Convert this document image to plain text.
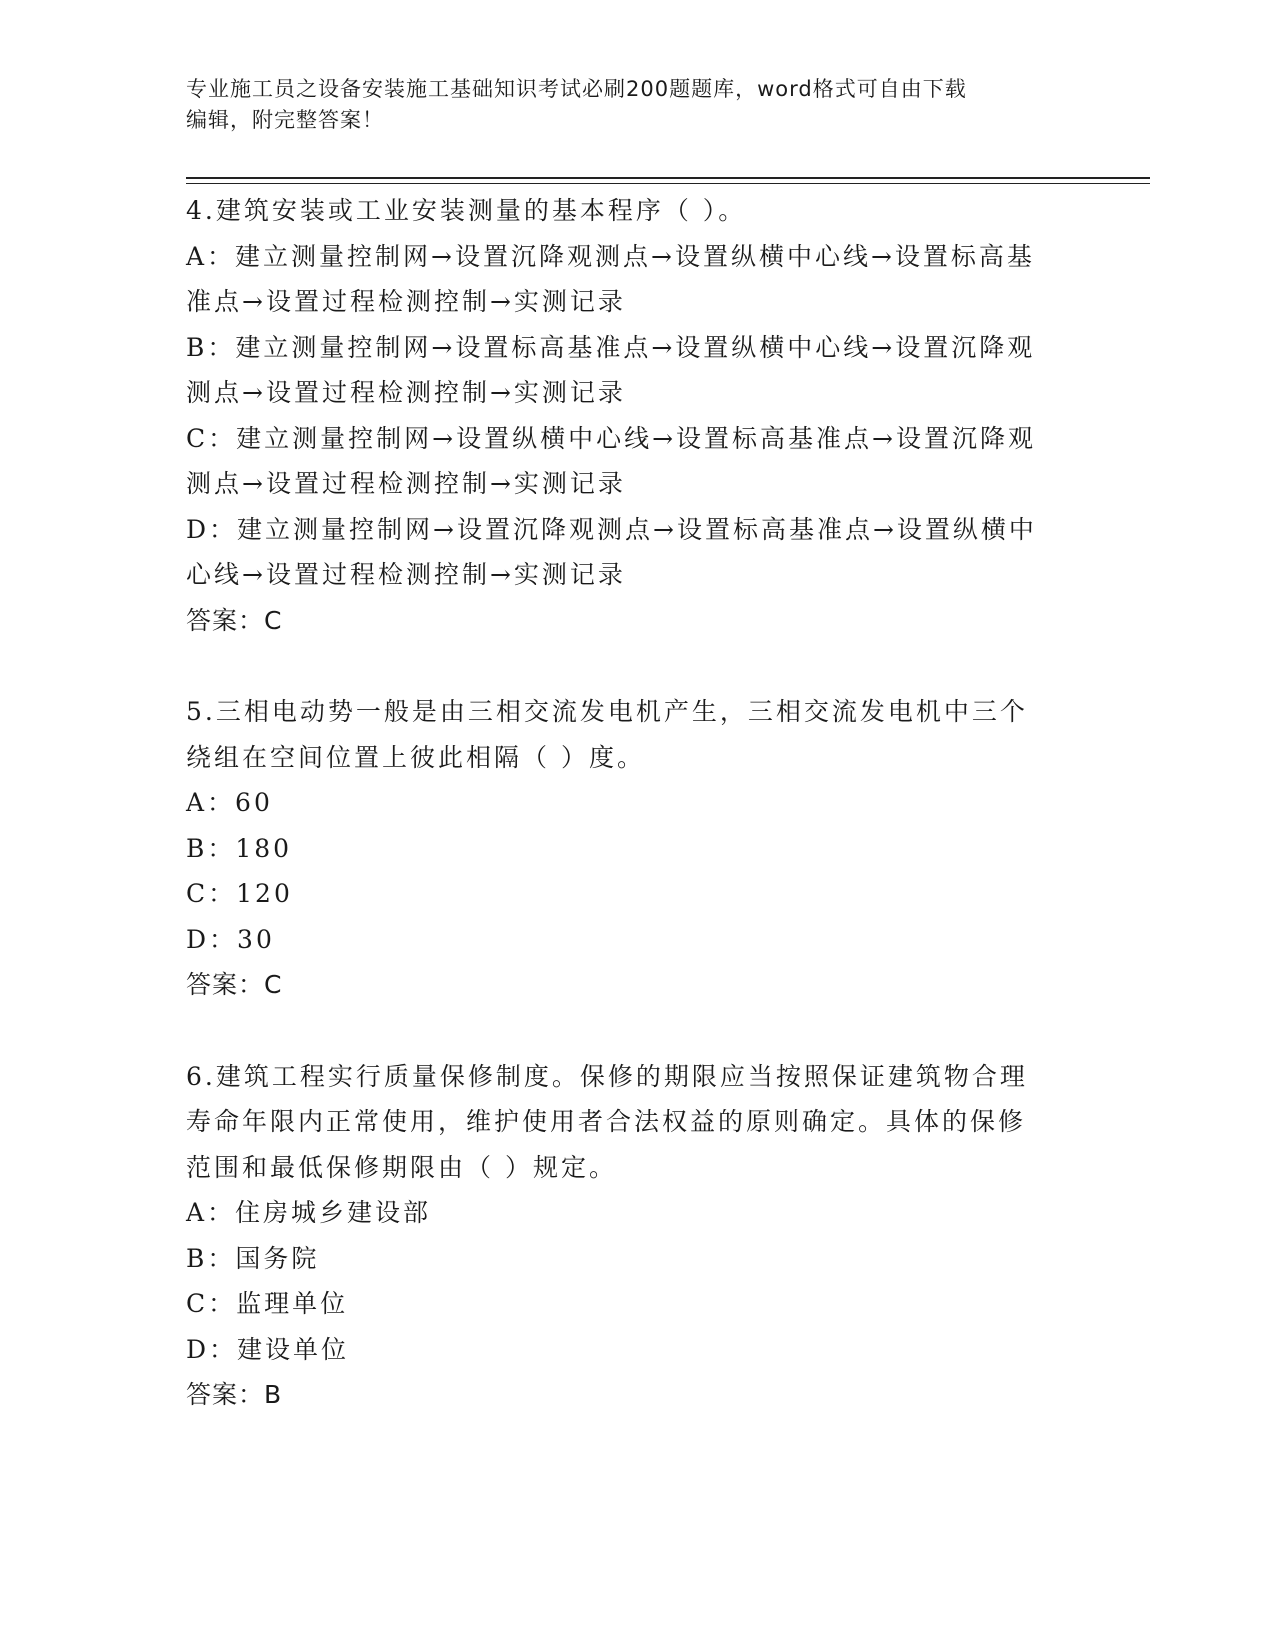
专业施工员之设备安装施工基础知识考试必刷200题题库，word格式可自由下载
编辑，附完整答案！
4.建筑安装或工业安装测量的基本程序（ ）。
A：建立测量控制网→设置沉降观测点→设置纵横中心线→设置标高基
准点→设置过程检测控制→实测记录
B：建立测量控制网→设置标高基准点→设置纵横中心线→设置沉降观
测点→设置过程检测控制→实测记录
C：建立测量控制网→设置纵横中心线→设置标高基准点→设置沉降观
测点→设置过程检测控制→实测记录
D：建立测量控制网→设置沉降观测点→设置标高基准点→设置纵横中
心线→设置过程检测控制→实测记录
答案：C
5.三相电动势一般是由三相交流发电机产生，三相交流发电机中三个
绕组在空间位置上彼此相隔（ ）度。
A：60
B：180
C：120
D：30
答案：C
6.建筑工程实行质量保修制度。保修的期限应当按照保证建筑物合理
寿命年限内正常使用，维护使用者合法权益的原则确定。具体的保修
范围和最低保修期限由（ ）规定。
A：住房城乡建设部
B：国务院
C：监理单位
D：建设单位
答案：B
